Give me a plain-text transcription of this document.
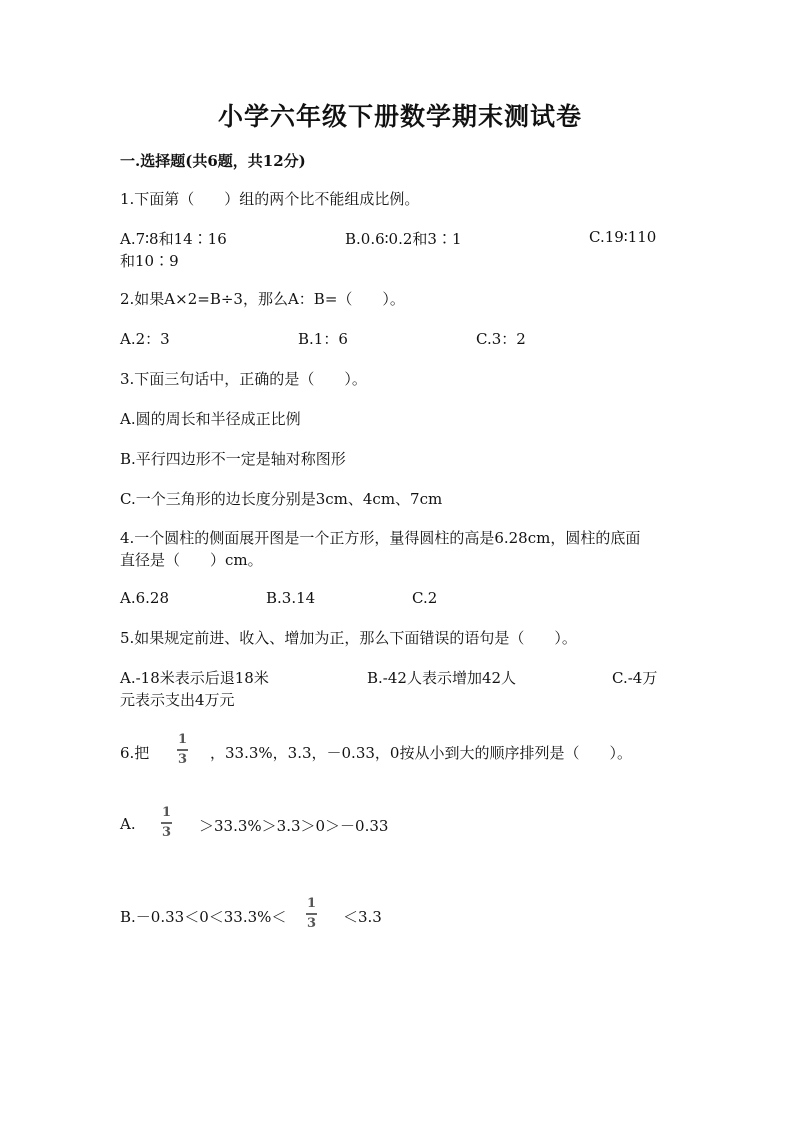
小学六年级下册数学期末测试卷
一.选择题(共6题，共12分)
1.下面第（　　）组的两个比不能组成比例。
A.7∶8和14∶16	B.0.6∶0.2和3∶1	C.19∶110
和10∶9
2.如果A×2=B÷3，那么A：B=（　　）。
A.2：3	B.1：6	C.3：2
3.下面三句话中，正确的是（　　）。
A.圆的周长和半径成正比例
B.平行四边形不一定是轴对称图形
C.一个三角形的边长度分别是3cm、4cm、7cm
4.一个圆柱的侧面展开图是一个正方形，量得圆柱的高是6.28cm，圆柱的底面
直径是（　　）cm。
A.6.28	B.3.14	C.2
5.如果规定前进、收入、增加为正，那么下面错误的语句是（　　）。
A.-18米表示后退18米	B.-42人表示增加42人	C.-4万
元表示支出4万元
6.把
1
3 ，33.3%，3.3，－0.33，0按从小到大的顺序排列是（　　）。
A.
1
3 ＞33.3%＞3.3＞0＞－0.33
B.－0.33＜0＜33.3%＜
1
3 ＜3.3
